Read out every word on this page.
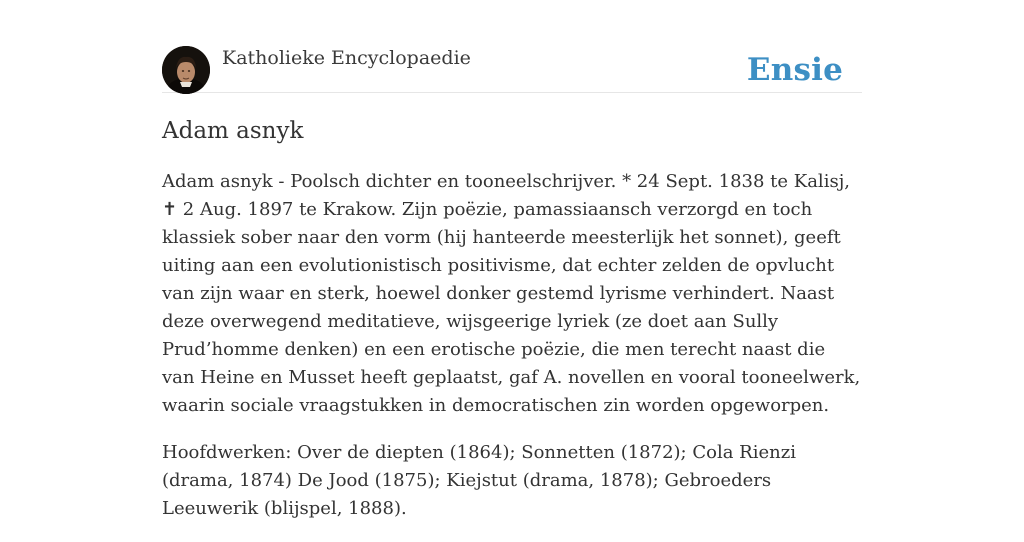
Katholieke Encyclopaedie	Ensie
Adam asnyk

Adam asnyk - Poolsch dichter en tooneelschrijver. * 24 Sept. 1838 te Kalisj, ✝ 2 Aug. 1897 te Krakow. Zijn poëzie, pamassiaansch verzorgd en toch klassiek sober naar den vorm (hij hanteerde meesterlijk het sonnet), geeft uiting aan een evolutionistisch positivisme, dat echter zelden de opvlucht van zijn waar en sterk, hoewel donker gestemd lyrisme verhindert. Naast deze overwegend meditatieve, wijsgeerige lyriek (ze doet aan Sully Prud’homme denken) en een erotische poëzie, die men terecht naast die van Heine en Musset heeft geplaatst, gaf A. novellen en vooral tooneelwerk, waarin sociale vraagstukken in democratischen zin worden opgeworpen.

Hoofdwerken: Over de diepten (1864); Sonnetten (1872); Cola Rienzi (drama, 1874) De Jood (1875); Kiejstut (drama, 1878); Gebroeders Leeuwerik (blijspel, 1888).
